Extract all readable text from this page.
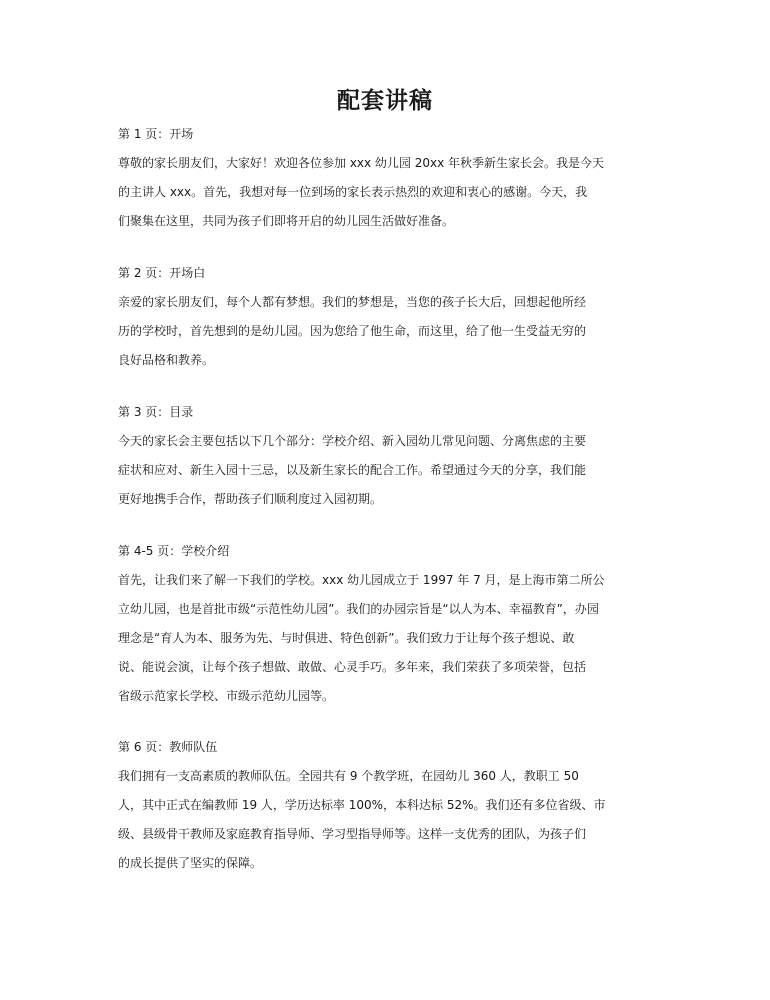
配套讲稿
第 1 页：开场
尊敬的家长朋友们，大家好！欢迎各位参加 xxx 幼儿园 20xx 年秋季新生家长会。我是今天
的主讲人 xxx。首先，我想对每一位到场的家长表示热烈的欢迎和衷心的感谢。今天，我
们聚集在这里，共同为孩子们即将开启的幼儿园生活做好准备。
第 2 页：开场白
亲爱的家长朋友们，每个人都有梦想。我们的梦想是，当您的孩子长大后，回想起他所经
历的学校时，首先想到的是幼儿园。因为您给了他生命，而这里，给了他一生受益无穷的
良好品格和教养。
第 3 页：目录
今天的家长会主要包括以下几个部分：学校介绍、新入园幼儿常见问题、分离焦虑的主要
症状和应对、新生入园十三忌，以及新生家长的配合工作。希望通过今天的分享，我们能
更好地携手合作，帮助孩子们顺利度过入园初期。
第 4-5 页：学校介绍
首先，让我们来了解一下我们的学校。xxx 幼儿园成立于 1997 年 7 月，是上海市第二所公
立幼儿园，也是首批市级“示范性幼儿园”。我们的办园宗旨是“以人为本、幸福教育”，办园
理念是“育人为本、服务为先、与时俱进、特色创新”。我们致力于让每个孩子想说、敢
说、能说会演，让每个孩子想做、敢做、心灵手巧。多年来，我们荣获了多项荣誉，包括
省级示范家长学校、市级示范幼儿园等。
第 6 页：教师队伍
我们拥有一支高素质的教师队伍。全园共有 9 个教学班，在园幼儿 360 人，教职工 50
人，其中正式在编教师 19 人，学历达标率 100%，本科达标 52%。我们还有多位省级、市
级、县级骨干教师及家庭教育指导师、学习型指导师等。这样一支优秀的团队，为孩子们
的成长提供了坚实的保障。
